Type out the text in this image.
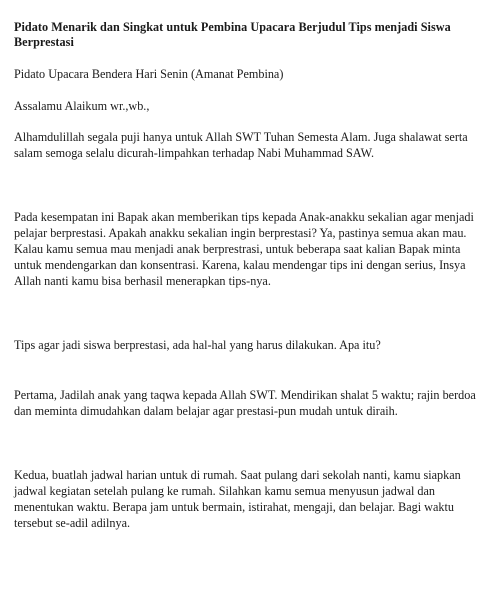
Pidato Menarik dan Singkat untuk Pembina Upacara Berjudul Tips menjadi Siswa Berprestasi

Pidato Upacara Bendera Hari Senin (Amanat Pembina)

Assalamu Alaikum wr.,wb.,

Alhamdulillah segala puji hanya untuk Allah SWT Tuhan Semesta Alam. Juga shalawat serta salam semoga selalu dicurah-limpahkan terhadap Nabi Muhammad SAW.

Pada kesempatan ini Bapak akan memberikan tips kepada Anak-anakku sekalian agar menjadi pelajar berprestasi. Apakah anakku sekalian ingin berprestasi? Ya, pastinya semua akan mau. Kalau kamu semua mau menjadi anak berprestrasi, untuk beberapa saat kalian Bapak minta untuk mendengarkan dan konsentrasi. Karena, kalau mendengar tips ini dengan serius, Insya Allah nanti kamu bisa berhasil menerapkan tips-nya.

Tips agar jadi siswa berprestasi, ada hal-hal yang harus dilakukan. Apa itu?

Pertama, Jadilah anak yang taqwa kepada Allah SWT. Mendirikan shalat 5 waktu; rajin berdoa dan meminta dimudahkan dalam belajar agar prestasi-pun mudah untuk diraih.

Kedua, buatlah jadwal harian untuk di rumah. Saat pulang dari sekolah nanti, kamu siapkan jadwal kegiatan setelah pulang ke rumah. Silahkan kamu semua menyusun jadwal dan menentukan waktu. Berapa jam untuk bermain, istirahat, mengaji, dan belajar. Bagi waktu tersebut se-adil adilnya.
